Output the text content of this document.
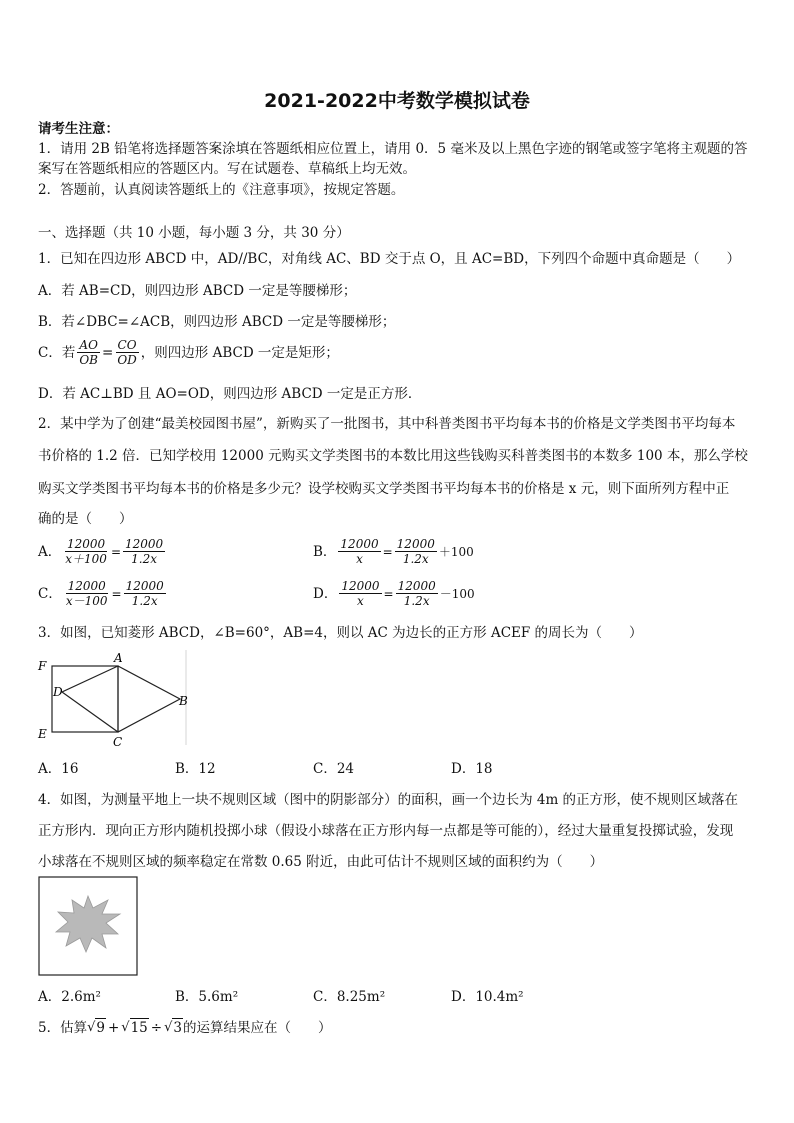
2021-2022中考数学模拟试卷
请考生注意：
1．请用 2B 铅笔将选择题答案涂填在答题纸相应位置上，请用 0．5 毫米及以上黑色字迹的钢笔或签字笔将主观题的答
案写在答题纸相应的答题区内。写在试题卷、草稿纸上均无效。
2．答题前，认真阅读答题纸上的《注意事项》，按规定答题。
一、选择题（共 10 小题，每小题 3 分，共 30 分）
1．已知在四边形 ABCD 中，AD//BC，对角线 AC、BD 交于点 O，且 AC=BD，下列四个命题中真命题是（　　）
A．若 AB=CD，则四边形 ABCD 一定是等腰梯形；
B．若∠DBC=∠ACB，则四边形 ABCD 一定是等腰梯形；
C．若 $\frac{AO}{OB} = \frac{CO}{OD}$ ，则四边形 ABCD 一定是矩形；
D．若 AC⊥BD 且 AO=OD，则四边形 ABCD 一定是正方形．
2．某中学为了创建“最美校园图书屋”，新购买了一批图书，其中科普类图书平均每本书的价格是文学类图书平均每本
书价格的 1.2 倍．已知学校用 12000 元购买文学类图书的本数比用这些钱购买科普类图书的本数多 100 本，那么学校
购买文学类图书平均每本书的价格是多少元？设学校购买文学类图书平均每本书的价格是 x 元，则下面所列方程中正
确的是（　　）
A． $\frac{12000}{x+100} = \frac{12000}{1.2x}$	B． $\frac{12000}{x} = \frac{12000}{1.2x} +100$
C． $\frac{12000}{x-100} = \frac{12000}{1.2x}$	D． $\frac{12000}{x} = \frac{12000}{1.2x} -100$
3．如图，已知菱形 ABCD，∠B=60°，AB=4，则以 AC 为边长的正方形 ACEF 的周长为（　　）
F
A
D
B
E
C
A．16	B．12	C．24	D．18
4．如图，为测量平地上一块不规则区域（图中的阴影部分）的面积，画一个边长为 4m 的正方形，使不规则区域落在
正方形内．现向正方形内随机投掷小球（假设小球落在正方形内每一点都是等可能的），经过大量重复投掷试验，发现
小球落在不规则区域的频率稳定在常数 0.65 附近，由此可估计不规则区域的面积约为（　　）
A．2.6m²	B．5.6m²	C．8.25m²	D．10.4m²
5．估算 √ 9 + √ 15 ÷ √ 3 的运算结果应在（　　）
